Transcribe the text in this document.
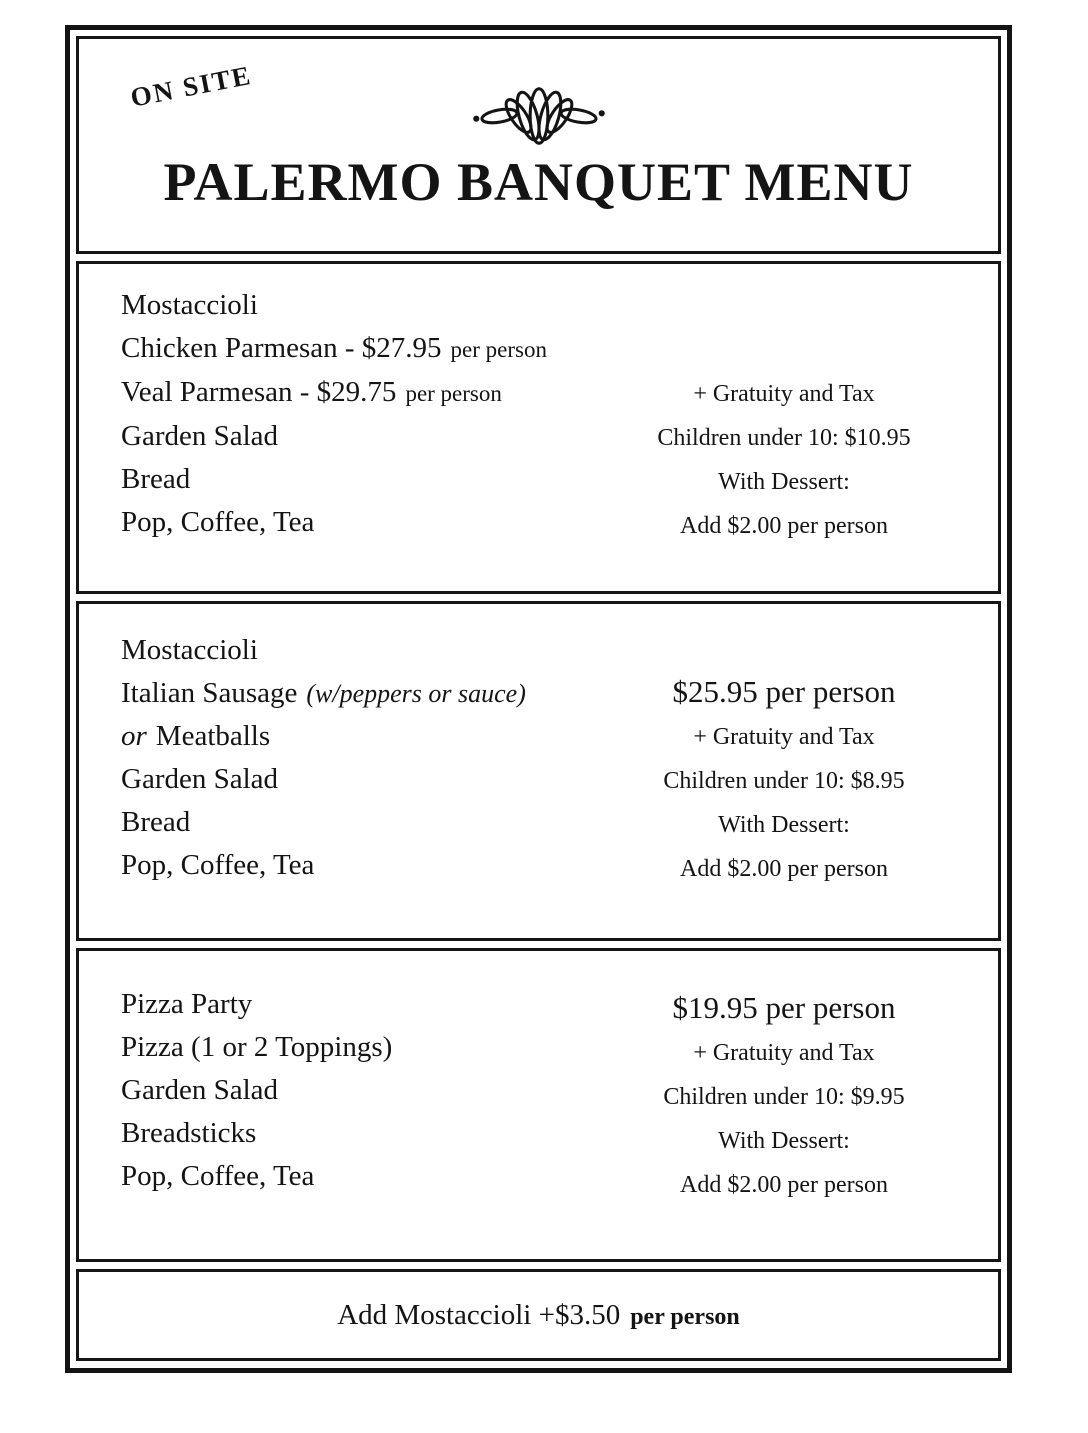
ON SITE
PALERMO BANQUET MENU
Mostaccioli
Chicken Parmesan - $27.95 per person
Veal Parmesan - $29.75 per person
Garden Salad
Bread
Pop, Coffee, Tea
+ Gratuity and Tax
Children under 10: $10.95
With Dessert:
Add $2.00 per person
Mostaccioli
Italian Sausage (w/peppers or sauce)
or Meatballs
Garden Salad
Bread
Pop, Coffee, Tea
$25.95 per person
+ Gratuity and Tax
Children under 10: $8.95
With Dessert:
Add $2.00 per person
Pizza Party
Pizza (1 or 2 Toppings)
Garden Salad
Breadsticks
Pop, Coffee, Tea
$19.95 per person
+ Gratuity and Tax
Children under 10: $9.95
With Dessert:
Add $2.00 per person
Add Mostaccioli +$3.50 per person
